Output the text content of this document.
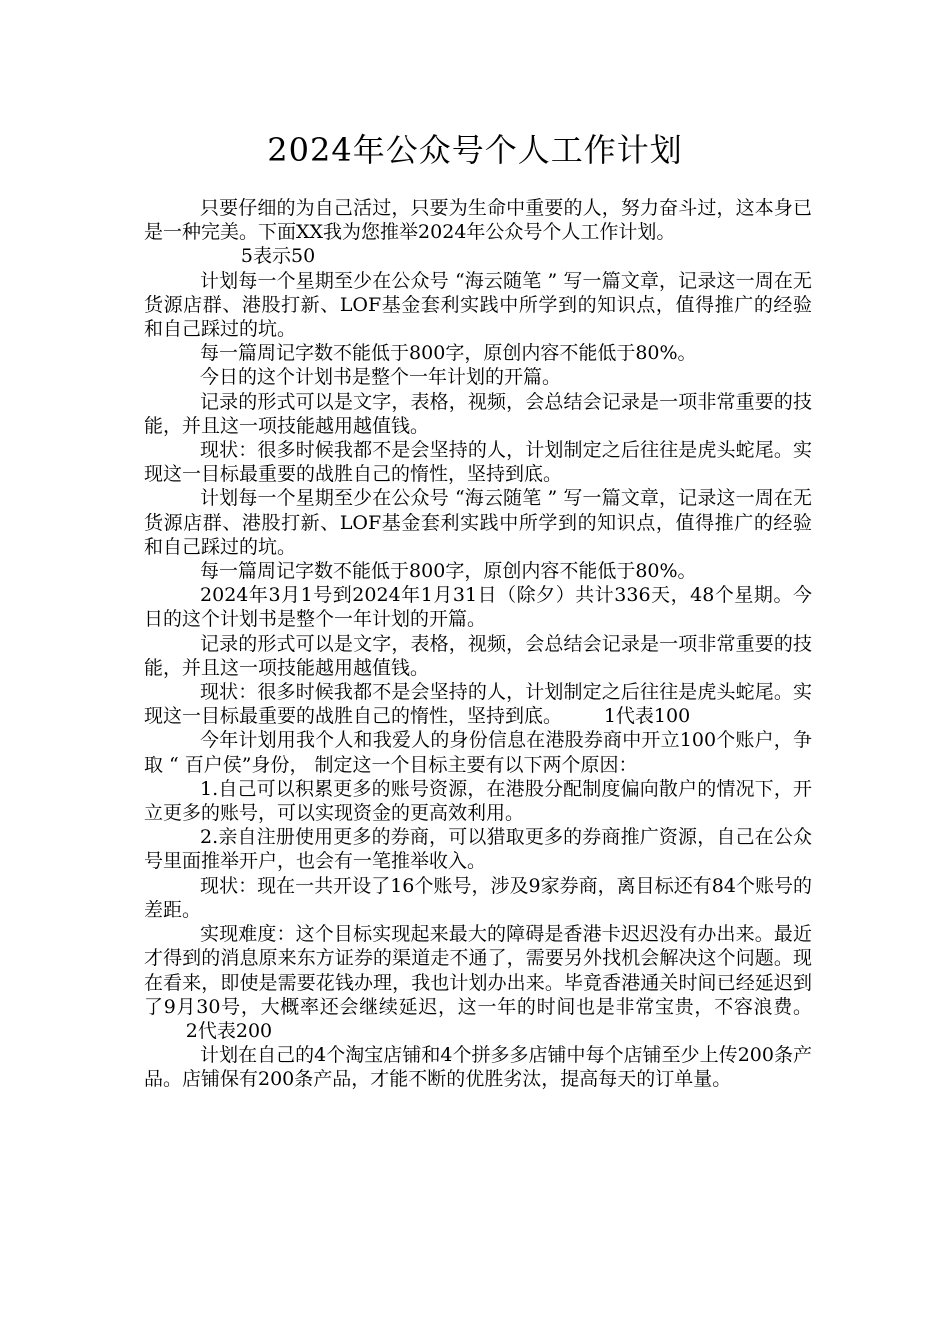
2024年公众号个人工作计划

只要仔细的为自己活过，只要为生命中重要的人，努力奋斗过，这本身已是一种完美。下面XX我为您推举2024年公众号个人工作计划。

5表示50

计划每一个星期至少在公众号 “海云随笔 ” 写一篇文章，记录这一周在无货源店群、港股打新、LOF基金套利实践中所学到的知识点，值得推广的经验和自己踩过的坑。

每一篇周记字数不能低于800字，原创内容不能低于80%。

今日的这个计划书是整个一年计划的开篇。

记录的形式可以是文字，表格，视频，会总结会记录是一项非常重要的技能，并且这一项技能越用越值钱。

现状：很多时候我都不是会坚持的人，计划制定之后往往是虎头蛇尾。实现这一目标最重要的战胜自己的惰性，坚持到底。

计划每一个星期至少在公众号 “海云随笔 ” 写一篇文章，记录这一周在无货源店群、港股打新、LOF基金套利实践中所学到的知识点，值得推广的经验和自己踩过的坑。

每一篇周记字数不能低于800字，原创内容不能低于80%。

2024年3月1号到2024年1月31日（除夕）共计336天，48个星期。今日的这个计划书是整个一年计划的开篇。

记录的形式可以是文字，表格，视频，会总结会记录是一项非常重要的技能，并且这一项技能越用越值钱。

现状：很多时候我都不是会坚持的人，计划制定之后往往是虎头蛇尾。实现这一目标最重要的战胜自己的惰性，坚持到底。 1代表100

今年计划用我个人和我爱人的身份信息在港股券商中开立100个账户，争取 “ 百户侯”身份， 制定这一个目标主要有以下两个原因：

1.自己可以积累更多的账号资源，在港股分配制度偏向散户的情况下，开立更多的账号，可以实现资金的更高效利用。

2.亲自注册使用更多的券商，可以猎取更多的券商推广资源，自己在公众号里面推举开户，也会有一笔推举收入。

现状：现在一共开设了16个账号，涉及9家券商，离目标还有84个账号的差距。

实现难度：这个目标实现起来最大的障碍是香港卡迟迟没有办出来。最近才得到的消息原来东方证券的渠道走不通了，需要另外找机会解决这个问题。现在看来，即使是需要花钱办理，我也计划办出来。毕竟香港通关时间已经延迟到了9月30号，大概率还会继续延迟，这一年的时间也是非常宝贵，不容浪费。2代表200

计划在自己的4个淘宝店铺和4个拼多多店铺中每个店铺至少上传200条产品。店铺保有200条产品，才能不断的优胜劣汰，提高每天的订单量。
